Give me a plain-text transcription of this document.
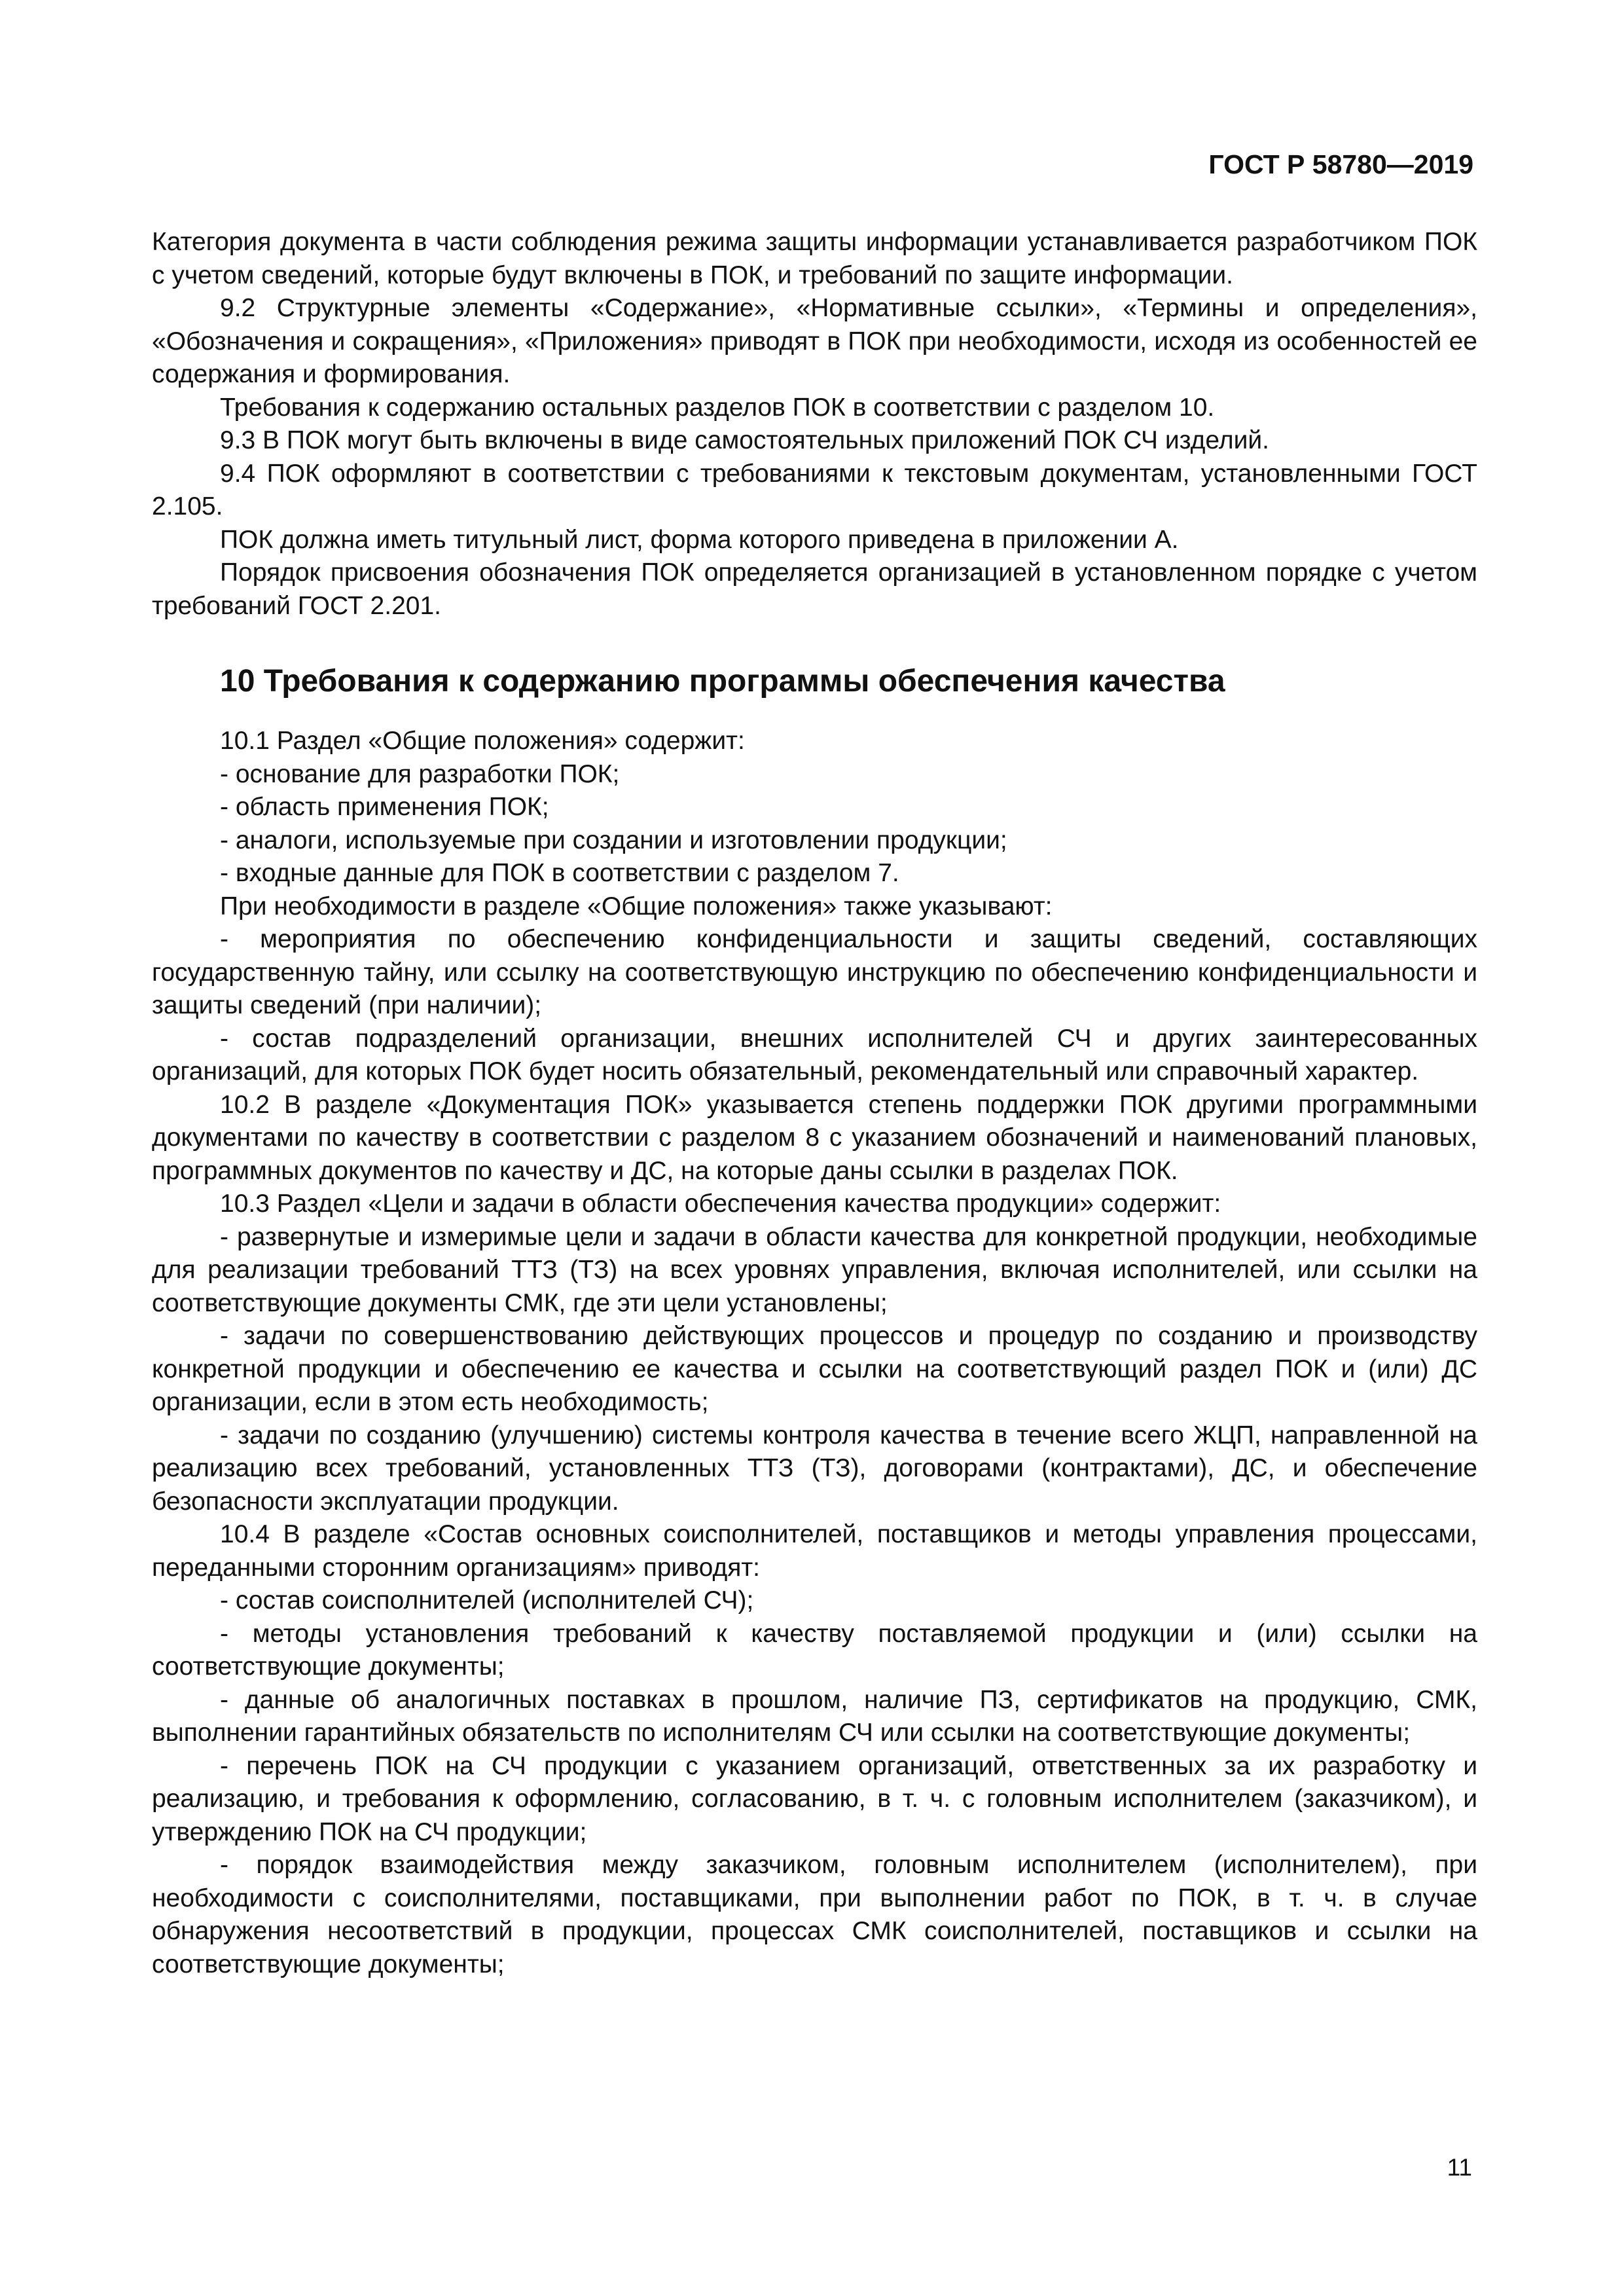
ГОСТ Р 58780—2019

Категория документа в части соблюдения режима защиты информации устанавливается разработчиком ПОК с учетом сведений, которые будут включены в ПОК, и требований по защите информации.

9.2 Структурные элементы «Содержание», «Нормативные ссылки», «Термины и определения», «Обозначения и сокращения», «Приложения» приводят в ПОК при необходимости, исходя из особенностей ее содержания и формирования.

Требования к содержанию остальных разделов ПОК в соответствии с разделом 10.

9.3 В ПОК могут быть включены в виде самостоятельных приложений ПОК СЧ изделий.

9.4 ПОК оформляют в соответствии с требованиями к текстовым документам, установленными ГОСТ 2.105.

ПОК должна иметь титульный лист, форма которого приведена в приложении А.

Порядок присвоения обозначения ПОК определяется организацией в установленном порядке с учетом требований ГОСТ 2.201.

10 Требования к содержанию программы обеспечения качества

10.1 Раздел «Общие положения» содержит:

- основание для разработки ПОК;

- область применения ПОК;

- аналоги, используемые при создании и изготовлении продукции;

- входные данные для ПОК в соответствии с разделом 7.

При необходимости в разделе «Общие положения» также указывают:

- мероприятия по обеспечению конфиденциальности и защиты сведений, составляющих государственную тайну, или ссылку на соответствующую инструкцию по обеспечению конфиденциальности и защиты сведений (при наличии);

- состав подразделений организации, внешних исполнителей СЧ и других заинтересованных организаций, для которых ПОК будет носить обязательный, рекомендательный или справочный характер.

10.2 В разделе «Документация ПОК» указывается степень поддержки ПОК другими программными документами по качеству в соответствии с разделом 8 с указанием обозначений и наименований плановых, программных документов по качеству и ДС, на которые даны ссылки в разделах ПОК.

10.3 Раздел «Цели и задачи в области обеспечения качества продукции» содержит:

- развернутые и измеримые цели и задачи в области качества для конкретной продукции, необходимые для реализации требований ТТЗ (ТЗ) на всех уровнях управления, включая исполнителей, или ссылки на соответствующие документы СМК, где эти цели установлены;

- задачи по совершенствованию действующих процессов и процедур по созданию и производству конкретной продукции и обеспечению ее качества и ссылки на соответствующий раздел ПОК и (или) ДС организации, если в этом есть необходимость;

- задачи по созданию (улучшению) системы контроля качества в течение всего ЖЦП, направленной на реализацию всех требований, установленных ТТЗ (ТЗ), договорами (контрактами), ДС, и обеспечение безопасности эксплуатации продукции.

10.4 В разделе «Состав основных соисполнителей, поставщиков и методы управления процессами, переданными сторонним организациям» приводят:

- состав соисполнителей (исполнителей СЧ);

- методы установления требований к качеству поставляемой продукции и (или) ссылки на соответствующие документы;

- данные об аналогичных поставках в прошлом, наличие ПЗ, сертификатов на продукцию, СМК, выполнении гарантийных обязательств по исполнителям СЧ или ссылки на соответствующие документы;

- перечень ПОК на СЧ продукции с указанием организаций, ответственных за их разработку и реализацию, и требования к оформлению, согласованию, в т. ч. с головным исполнителем (заказчиком), и утверждению ПОК на СЧ продукции;

- порядок взаимодействия между заказчиком, головным исполнителем (исполнителем), при необходимости с соисполнителями, поставщиками, при выполнении работ по ПОК, в т. ч. в случае обнаружения несоответствий в продукции, процессах СМК соисполнителей, поставщиков и ссылки на соответствующие документы;

11
